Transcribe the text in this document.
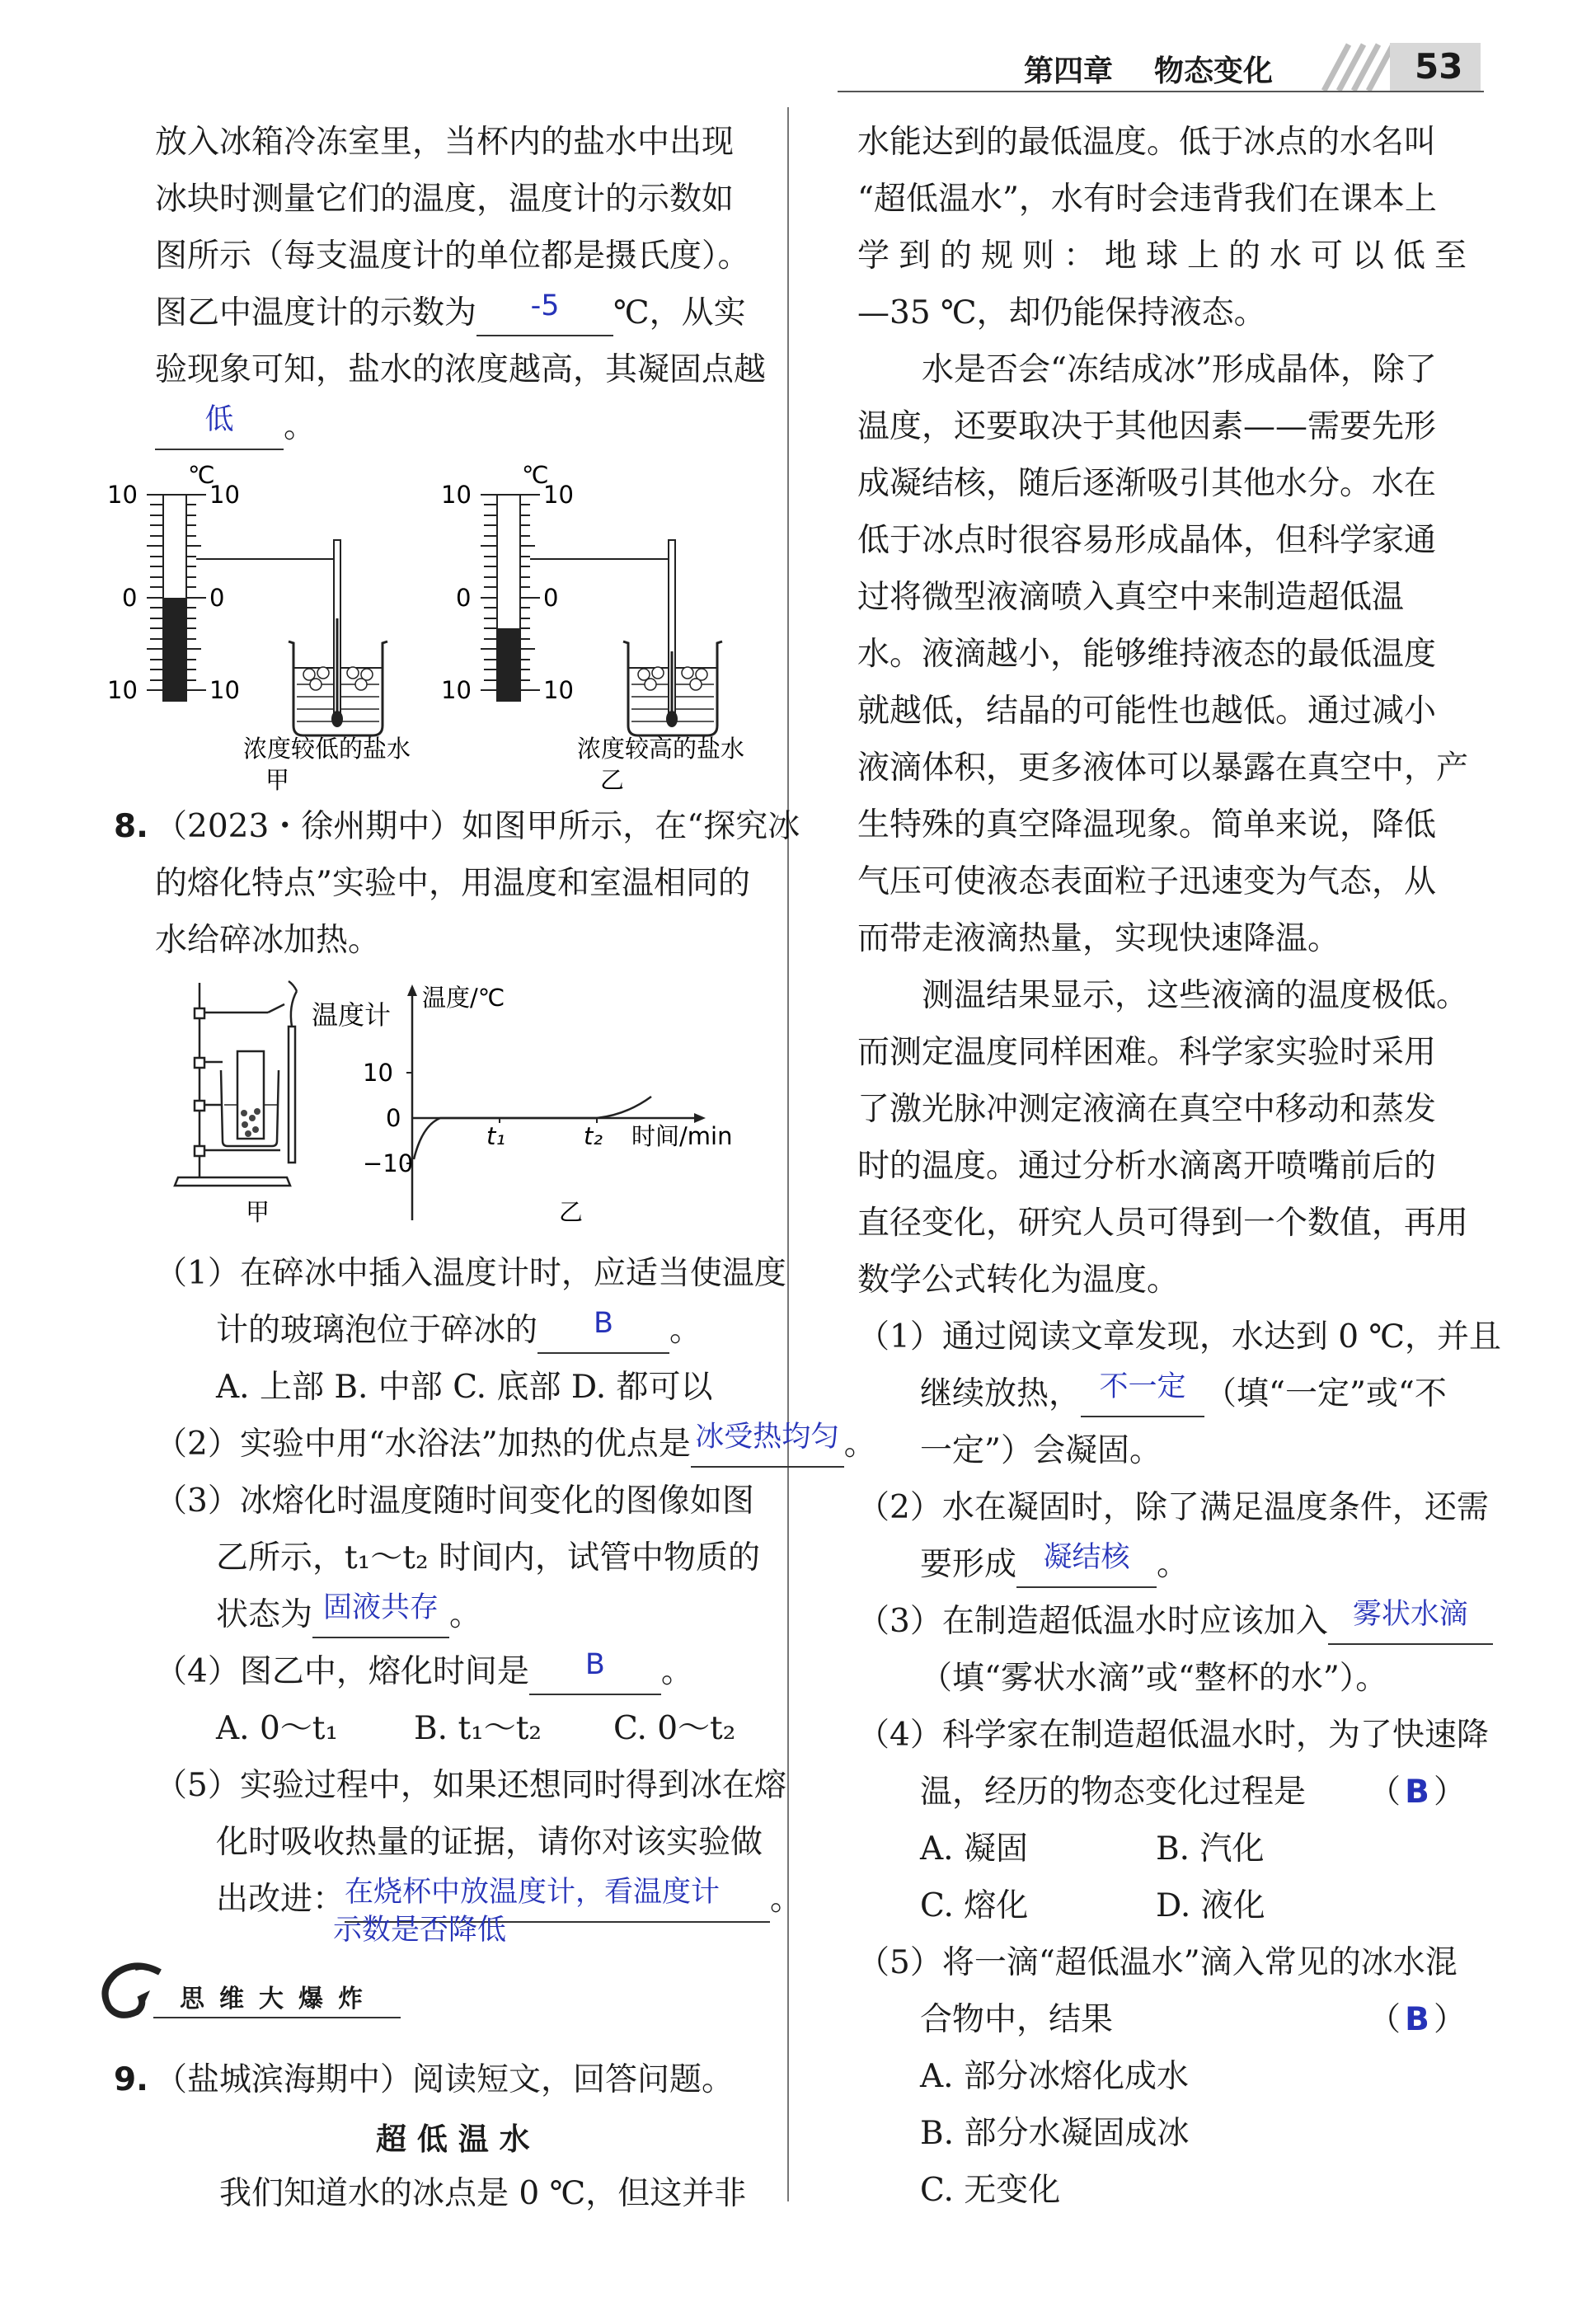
第四章 物态变化	53
放入冰箱冷冻室里，当杯内的盐水中出现
冰块时测量它们的温度，温度计的示数如
图所示（每支温度计的单位都是摄氏度）。
图乙中温度计的示数为 -5 ℃，从实
验现象可知，盐水的浓度越高，其凝固点越
低 。
℃
10
0
10
10
0
10
浓度较低的盐水
甲
℃
10
0
10
10
0
10
浓度较高的盐水
乙
8. （2023・徐州期中）如图甲所示，在“探究冰
的熔化特点”实验中，用温度和室温相同的
水给碎冰加热。
温度计
温度/℃
时间/min
10
0
−10
t₁	t₂
甲	乙
（1）在碎冰中插入温度计时，应适当使温度
计的玻璃泡位于碎冰的 B 。
A. 上部 B. 中部 C. 底部 D. 都可以
（2）实验中用“水浴法”加热的优点是 冰受热均匀 。
（3）冰熔化时温度随时间变化的图像如图
乙所示，t₁～t₂ 时间内，试管中物质的
状态为 固液共存 。
（4）图乙中，熔化时间是 B 。
A. 0～t₁ B. t₁～t₂ C. 0～t₂
（5）实验过程中，如果还想同时得到冰在熔
化时吸收热量的证据，请你对该实验做
出改进：在烧杯中放温度计，看温度计 。
示数是否降低
思维大爆炸
9. （盐城滨海期中）阅读短文，回答问题。
超 低 温 水
我们知道水的冰点是 0 ℃，但这并非
水能达到的最低温度。低于冰点的水名叫
“超低温水”，水有时会违背我们在课本上
学到的规则：地球上的水可以低至
—35 ℃，却仍能保持液态。
水是否会“冻结成冰”形成晶体，除了
温度，还要取决于其他因素——需要先形
成凝结核，随后逐渐吸引其他水分。水在
低于冰点时很容易形成晶体，但科学家通
过将微型液滴喷入真空中来制造超低温
水。液滴越小，能够维持液态的最低温度
就越低，结晶的可能性也越低。通过减小
液滴体积，更多液体可以暴露在真空中，产
生特殊的真空降温现象。简单来说，降低
气压可使液态表面粒子迅速变为气态，从
而带走液滴热量，实现快速降温。
测温结果显示，这些液滴的温度极低。
而测定温度同样困难。科学家实验时采用
了激光脉冲测定液滴在真空中移动和蒸发
时的温度。通过分析水滴离开喷嘴前后的
直径变化，研究人员可得到一个数值，再用
数学公式转化为温度。
（1）通过阅读文章发现，水达到 0 ℃，并且
继续放热， 不一定 （填“一定”或“不
一定”）会凝固。
（2）水在凝固时，除了满足温度条件，还需
要形成 凝结核 。
（3）在制造超低温水时应该加入 雾状水滴
（填“雾状水滴”或“整杯的水”）。
（4）科学家在制造超低温水时，为了快速降
温，经历的物态变化过程是 （ B ）
A. 凝固	B. 汽化
C. 熔化	D. 液化
（5）将一滴“超低温水”滴入常见的冰水混
合物中，结果	（ B ）
A. 部分冰熔化成水
B. 部分水凝固成冰
C. 无变化
